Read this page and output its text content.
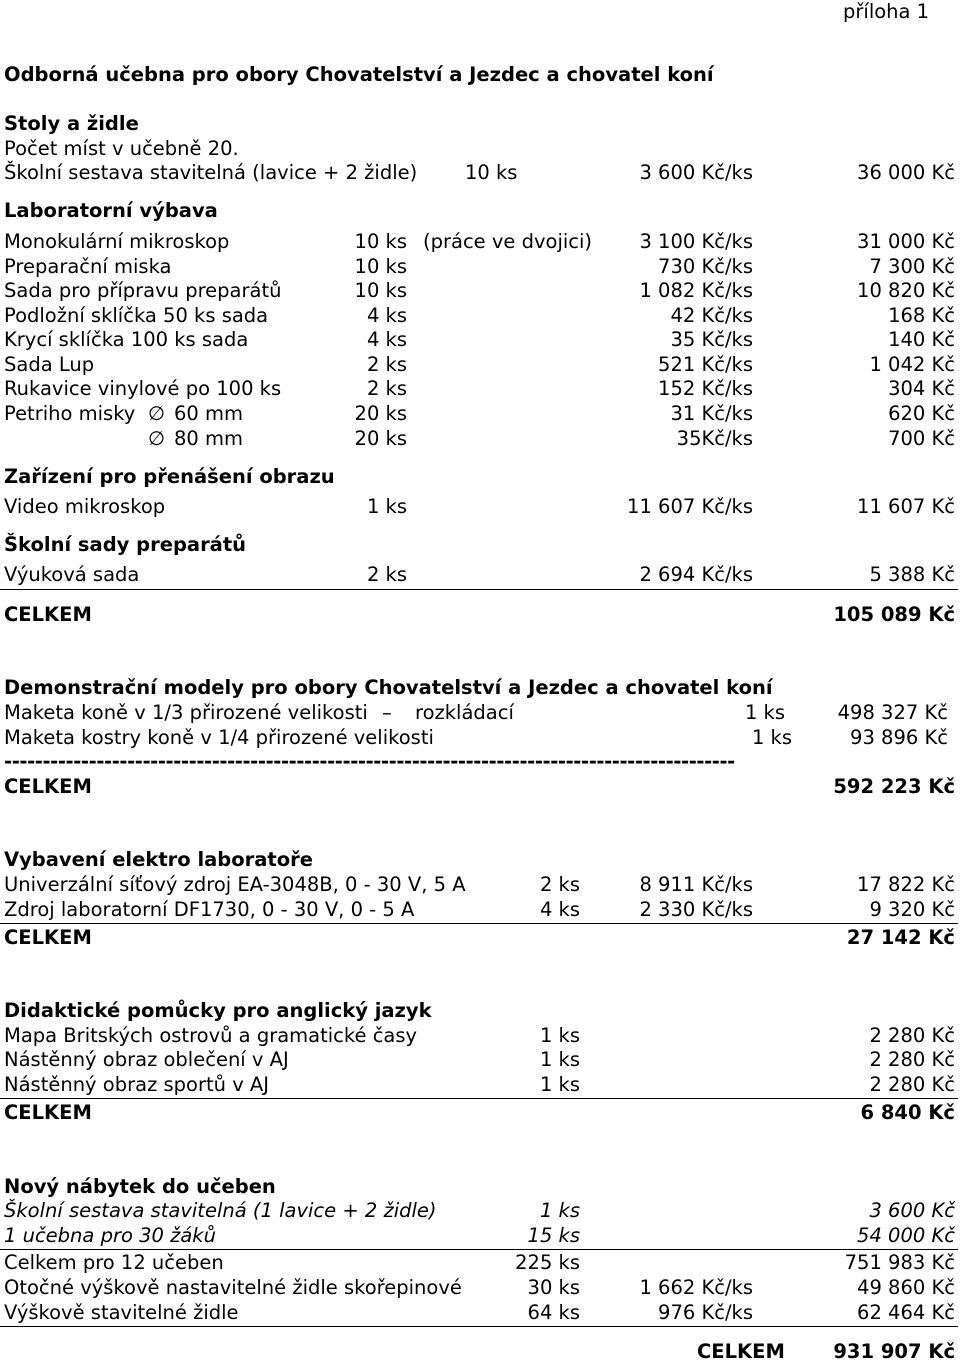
příloha 1
Odborná učebna pro obory Chovatelství a Jezdec a chovatel koní
Stoly a židle
Počet míst v učebně 20.
Školní sestava stavitelná (lavice + 2 židle) 10 ks	3 600 Kč/ks	36 000 Kč
Laboratorní výbava
Monokulární mikroskop	10 ks (práce ve dvojici) 3 100 Kč/ks	31 000 Kč
Preparační miska	10 ks	730 Kč/ks	7 300 Kč
Sada pro přípravu preparátů	10 ks	1 082 Kč/ks	10 820 Kč
Podložní sklíčka 50 ks sada	4 ks	42 Kč/ks	168 Kč
Krycí sklíčka 100 ks sada	4 ks	35 Kč/ks	140 Kč
Sada Lup	2 ks	521 Kč/ks	1 042 Kč
Rukavice vinylové po 100 ks	2 ks	152 Kč/ks	304 Kč
Petriho misky ∅ 60 mm	20 ks	31 Kč/ks	620 Kč
∅ 80 mm	20 ks	35Kč/ks	700 Kč
Zařízení pro přenášení obrazu
Video mikroskop	1 ks	11 607 Kč/ks	11 607 Kč
Školní sady preparátů
Výuková sada	2 ks	2 694 Kč/ks	5 388 Kč
CELKEM	105 089 Kč
Demonstrační modely pro obory Chovatelství a Jezdec a chovatel koní
Maketa koně v 1/3 přirozené velikosti – rozkládací	1 ks	498 327 Kč
Maketa kostry koně v 1/4 přirozené velikosti	1 ks	93 896 Kč
-----------------------------------------------------------------------------------------------
CELKEM	592 223 Kč
Vybavení elektro laboratoře
Univerzální síťový zdroj EA-3048B, 0 - 30 V, 5 A	2 ks	8 911 Kč/ks	17 822 Kč
Zdroj laboratorní DF1730, 0 - 30 V, 0 - 5 A	4 ks	2 330 Kč/ks	9 320 Kč
CELKEM	27 142 Kč
Didaktické pomůcky pro anglický jazyk
Mapa Britských ostrovů a gramatické časy	1 ks	2 280 Kč
Nástěnný obraz oblečení v AJ	1 ks	2 280 Kč
Nástěnný obraz sportů v AJ	1 ks	2 280 Kč
CELKEM	6 840 Kč
Nový nábytek do učeben
Školní sestava stavitelná (1 lavice + 2 židle)	1 ks	3 600 Kč
1 učebna pro 30 žáků	15 ks	54 000 Kč
Celkem pro 12 učeben	225 ks	751 983 Kč
Otočné výškově nastavitelné židle skořepinové	30 ks	1 662 Kč/ks	49 860 Kč
Výškově stavitelné židle	64 ks	976 Kč/ks	62 464 Kč
CELKEM 931 907 Kč
